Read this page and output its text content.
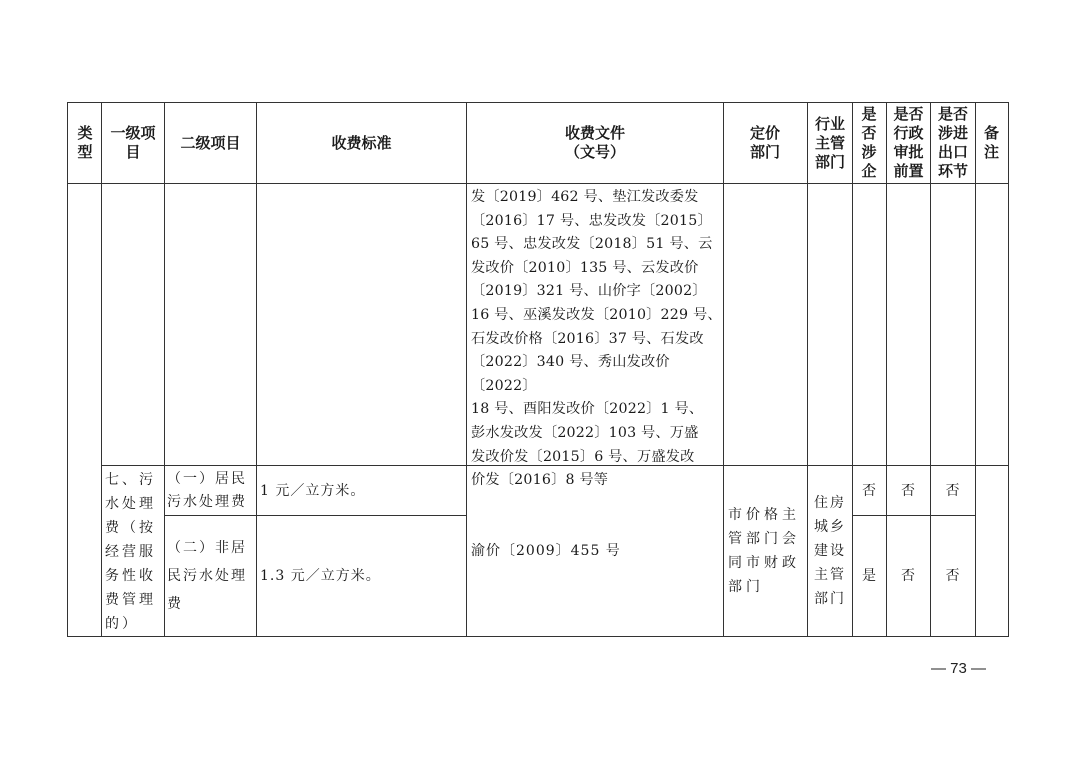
类型
一级项目
二级项目	收费标准
收费文件
（文号）
定价部门
行业主管部门
是否涉企
是否行政审批前置
是否涉进出口环节
备注
发〔2019〕462 号、垫江发改委发
〔2016〕17 号、忠发改发〔2015〕
65 号、忠发改发〔2018〕51 号、云
发改价〔2010〕135 号、云发改价
〔2019〕321 号、山价字〔2002〕
16 号、巫溪发改发〔2010〕229 号、
石发改价格〔2016〕37 号、石发改
〔2022〕340 号、秀山发改价〔2022〕
18 号、酉阳发改价〔2022〕1 号、
彭水发改发〔2022〕103 号、万盛
发改价发〔2015〕6 号、万盛发改
价发〔2016〕8 号等
七、污水处理费（按经营服务性收费管理的）
（一）居民污水处理费
1 元／立方米。
（二）非居民污水处理费
1.3 元／立方米。
渝价〔2009〕455 号
市价格主管部门会同市财政部门
住房城乡建设主管部门
否 否 否
是 否 否
— 73 —
